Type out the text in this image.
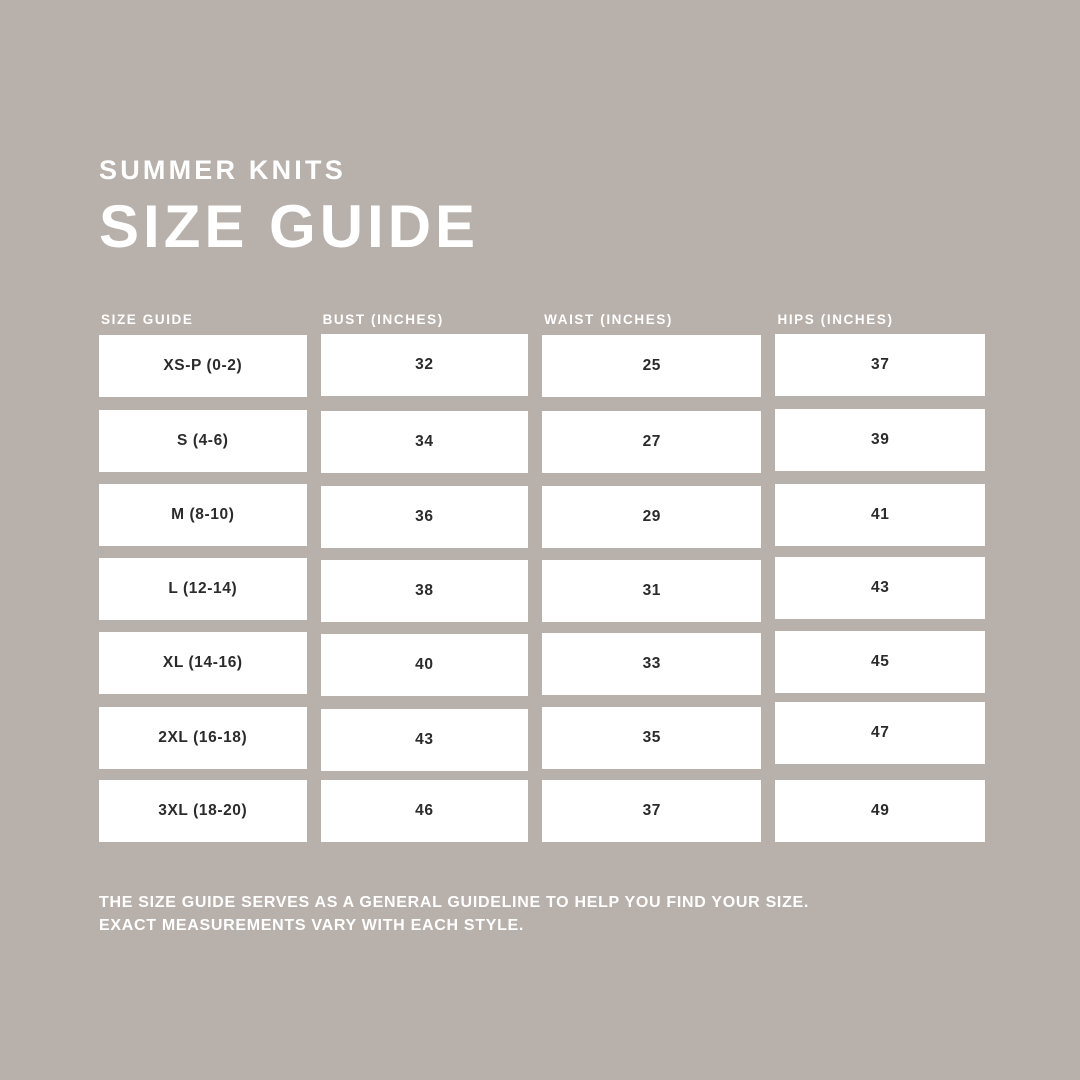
SUMMER KNITS
SIZE GUIDE
SIZE GUIDE	BUST (INCHES)	WAIST (INCHES)	HIPS (INCHES)
XS-P (0-2)	32	25	37
S (4-6)	34	27	39
M (8-10)	36	29	41
L (12-14)	38	31	43
XL (14-16)	40	33	45
2XL (16-18)	43	35	47
3XL (18-20)	46	37	49
THE SIZE GUIDE SERVES AS A GENERAL GUIDELINE TO HELP YOU FIND YOUR SIZE.
EXACT MEASUREMENTS VARY WITH EACH STYLE.
